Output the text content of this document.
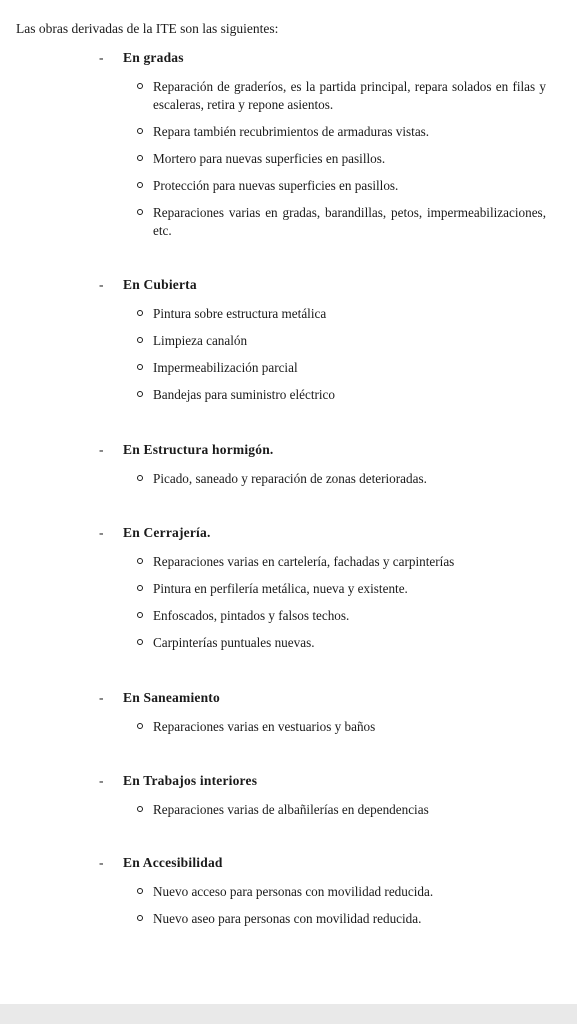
Las obras derivadas de la ITE son las siguientes:

- En gradas
Reparación de graderíos, es la partida principal, repara solados en filas y escaleras, retira y repone asientos.
Repara también recubrimientos de armaduras vistas.
Mortero para nuevas superficies en pasillos.
Protección para nuevas superficies en pasillos.
Reparaciones varias en gradas, barandillas, petos, impermeabilizaciones, etc.
- En Cubierta
Pintura sobre estructura metálica
Limpieza canalón
Impermeabilización parcial
Bandejas para suministro eléctrico
- En Estructura hormigón.
Picado, saneado y reparación de zonas deterioradas.
- En Cerrajería.
Reparaciones varias en cartelería, fachadas y carpinterías
Pintura en perfilería metálica, nueva y existente.
Enfoscados, pintados y falsos techos.
Carpinterías puntuales nuevas.
- En Saneamiento
Reparaciones varias en vestuarios y baños
- En Trabajos interiores
Reparaciones varias de albañilerías en dependencias
- En Accesibilidad
Nuevo acceso para personas con movilidad reducida.
Nuevo aseo para personas con movilidad reducida.
